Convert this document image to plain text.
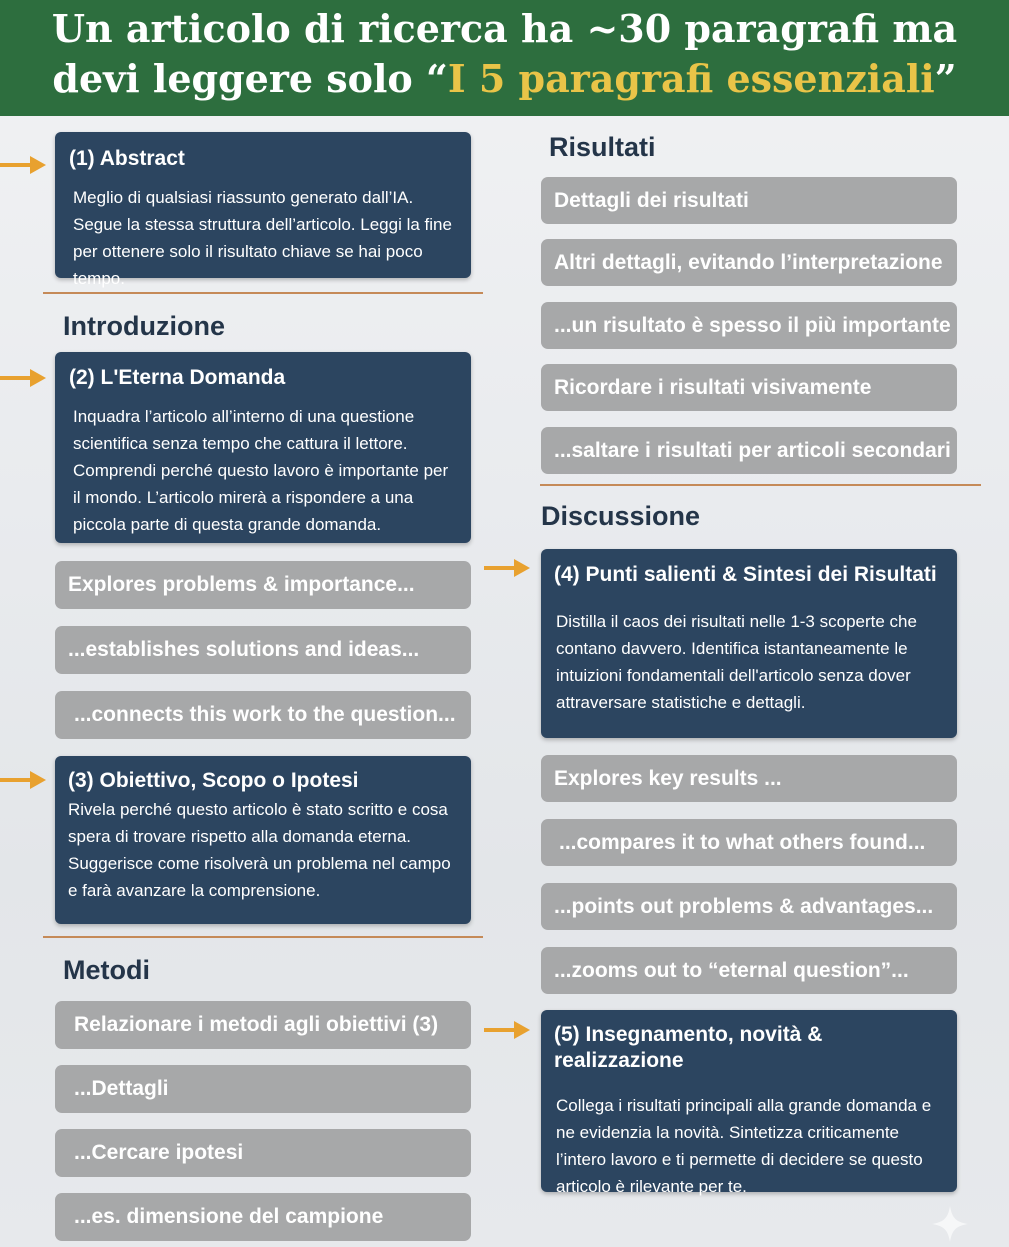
Un articolo di ricerca ha ~30 paragrafi ma
devi leggere solo “I 5 paragrafi essenziali”
(1) Abstract
Meglio di qualsiasi riassunto generato dall’IA. Segue la stessa struttura dell’articolo. Leggi la fine per ottenere solo il risultato chiave se hai poco tempo.
Introduzione
(2) L'Eterna Domanda
Inquadra l’articolo all’interno di una questione scientifica senza tempo che cattura il lettore. Comprendi perché questo lavoro è importante per il mondo. L’articolo mirerà a rispondere a una piccola parte di questa grande domanda.
Explores problems & importance...
...establishes solutions and ideas...
...connects this work to the question...
(3) Obiettivo, Scopo o Ipotesi
Rivela perché questo articolo è stato scritto e cosa spera di trovare rispetto alla domanda eterna. Suggerisce come risolverà un problema nel campo e farà avanzare la comprensione.
Metodi
Relazionare i metodi agli obiettivi (3)
...Dettagli
...Cercare ipotesi
...es. dimensione del campione
Risultati
Dettagli dei risultati
Altri dettagli, evitando l’interpretazione
...un risultato è spesso il più importante
Ricordare i risultati visivamente
...saltare i risultati per articoli secondari
Discussione
(4) Punti salienti & Sintesi dei Risultati
Distilla il caos dei risultati nelle 1-3 scoperte che contano davvero. Identifica istantaneamente le intuizioni fondamentali dell'articolo senza dover attraversare statistiche e dettagli.
Explores key results ...
...compares it to what others found...
...points out problems & advantages...
...zooms out to “eternal question”...
(5) Insegnamento, novità & realizzazione
Collega i risultati principali alla grande domanda e ne evidenzia la novità. Sintetizza criticamente l’intero lavoro e ti permette di decidere se questo articolo è rilevante per te.
